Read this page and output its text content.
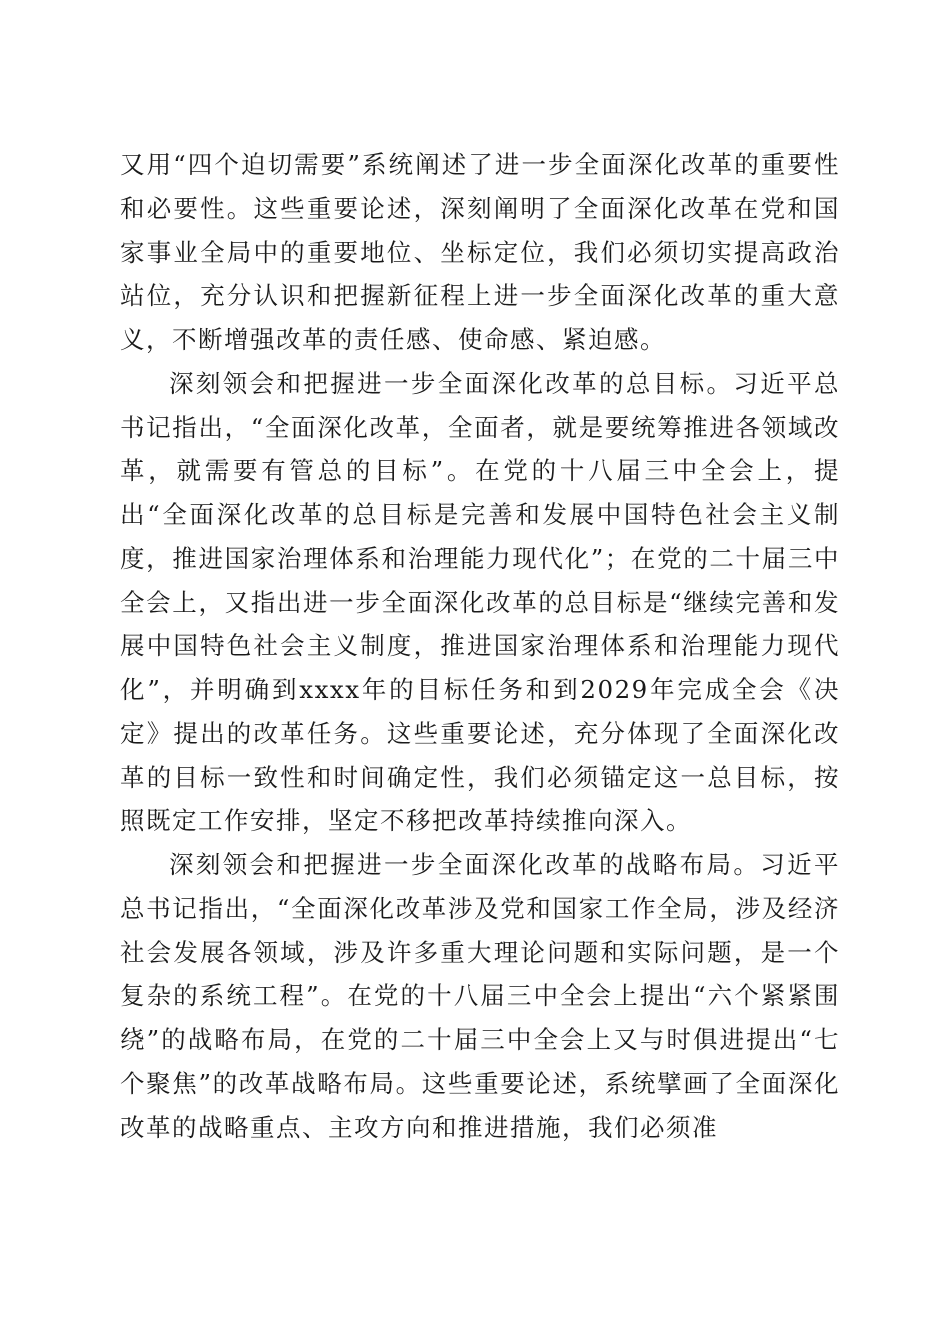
又用“四个迫切需要”系统阐述了进一步全面深化改革的重要性和必要性。这些重要论述，深刻阐明了全面深化改革在党和国家事业全局中的重要地位、坐标定位，我们必须切实提高政治站位，充分认识和把握新征程上进一步全面深化改革的重大意义，不断增强改革的责任感、使命感、紧迫感。

深刻领会和把握进一步全面深化改革的总目标。习近平总书记指出，“全面深化改革，全面者，就是要统筹推进各领域改革，就需要有管总的目标”。在党的十八届三中全会上，提出“全面深化改革的总目标是完善和发展中国特色社会主义制度，推进国家治理体系和治理能力现代化”；在党的二十届三中全会上，又指出进一步全面深化改革的总目标是“继续完善和发展中国特色社会主义制度，推进国家治理体系和治理能力现代化”，并明确到xxxx年的目标任务和到2029年完成全会《决定》提出的改革任务。这些重要论述，充分体现了全面深化改革的目标一致性和时间确定性，我们必须锚定这一总目标，按照既定工作安排，坚定不移把改革持续推向深入。

深刻领会和把握进一步全面深化改革的战略布局。习近平总书记指出，“全面深化改革涉及党和国家工作全局，涉及经济社会发展各领域，涉及许多重大理论问题和实际问题，是一个复杂的系统工程”。在党的十八届三中全会上提出“六个紧紧围绕”的战略布局，在党的二十届三中全会上又与时俱进提出“七个聚焦”的改革战略布局。这些重要论述，系统擘画了全面深化改革的战略重点、主攻方向和推进措施，我们必须准
